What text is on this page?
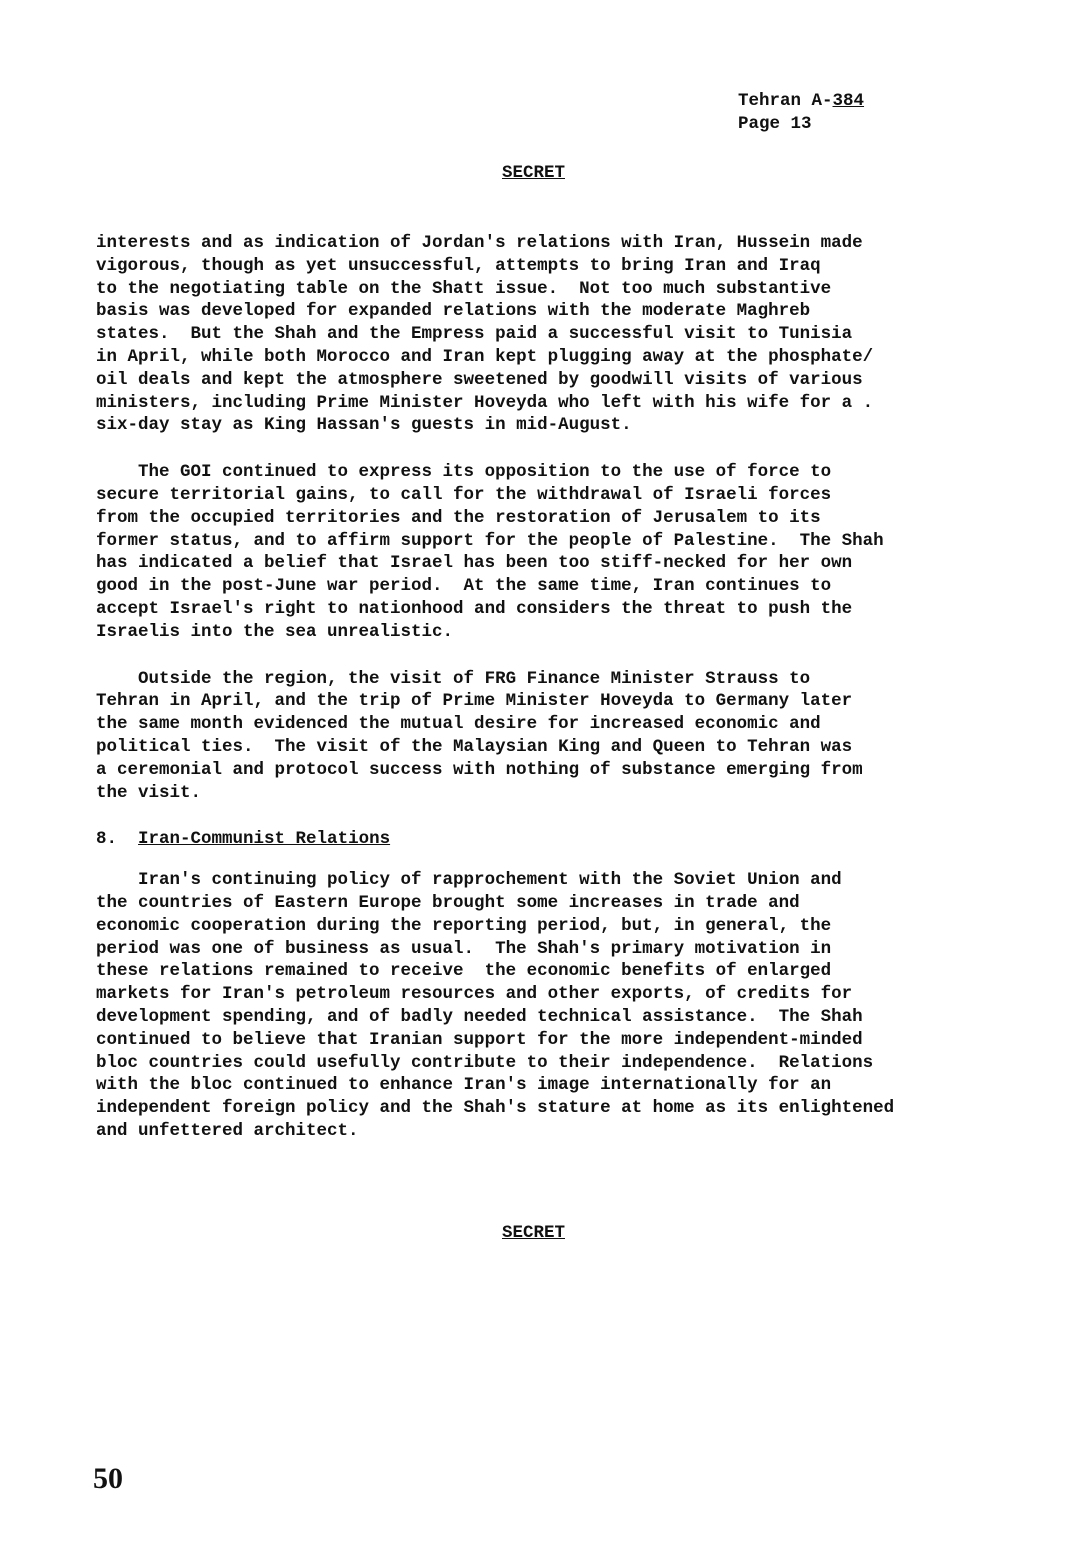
Tehran A-384
Page 13
SECRET
interests and as indication of Jordan's relations with Iran, Hussein made
vigorous, though as yet unsuccessful, attempts to bring Iran and Iraq
to the negotiating table on the Shatt issue.  Not too much substantive
basis was developed for expanded relations with the moderate Maghreb
states.  But the Shah and the Empress paid a successful visit to Tunisia
in April, while both Morocco and Iran kept plugging away at the phosphate/
oil deals and kept the atmosphere sweetened by goodwill visits of various
ministers, including Prime Minister Hoveyda who left with his wife for a .
six-day stay as King Hassan's guests in mid-August.
The GOI continued to express its opposition to the use of force to
secure territorial gains, to call for the withdrawal of Israeli forces
from the occupied territories and the restoration of Jerusalem to its
former status, and to affirm support for the people of Palestine.  The Shah
has indicated a belief that Israel has been too stiff-necked for her own
good in the post-June war period.  At the same time, Iran continues to
accept Israel's right to nationhood and considers the threat to push the
Israelis into the sea unrealistic.
Outside the region, the visit of FRG Finance Minister Strauss to
Tehran in April, and the trip of Prime Minister Hoveyda to Germany later
the same month evidenced the mutual desire for increased economic and
political ties.  The visit of the Malaysian King and Queen to Tehran was
a ceremonial and protocol success with nothing of substance emerging from
the visit.
8. Iran-Communist Relations
Iran's continuing policy of rapprochement with the Soviet Union and
the countries of Eastern Europe brought some increases in trade and
economic cooperation during the reporting period, but, in general, the
period was one of business as usual.  The Shah's primary motivation in
these relations remained to receive  the economic benefits of enlarged
markets for Iran's petroleum resources and other exports, of credits for
development spending, and of badly needed technical assistance.  The Shah
continued to believe that Iranian support for the more independent-minded
bloc countries could usefully contribute to their independence.  Relations
with the bloc continued to enhance Iran's image internationally for an
independent foreign policy and the Shah's stature at home as its enlightened
and unfettered architect.
SECRET
50
